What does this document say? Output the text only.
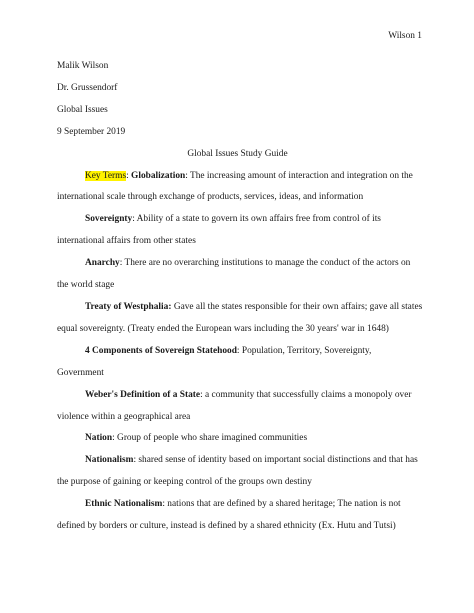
Wilson 1
Malik Wilson
Dr. Grussendorf
Global Issues
9 September 2019
Global Issues Study Guide
Key Terms: Globalization: The increasing amount of interaction and integration on the
international scale through exchange of products, services, ideas, and information
Sovereignty: Ability of a state to govern its own affairs free from control of its
international affairs from other states
Anarchy: There are no overarching institutions to manage the conduct of the actors on
the world stage
Treaty of Westphalia: Gave all the states responsible for their own affairs; gave all states
equal sovereignty. (Treaty ended the European wars including the 30 years' war in 1648)
4 Components of Sovereign Statehood: Population, Territory, Sovereignty,
Government
Weber's Definition of a State: a community that successfully claims a monopoly over
violence within a geographical area
Nation: Group of people who share imagined communities
Nationalism: shared sense of identity based on important social distinctions and that has
the purpose of gaining or keeping control of the groups own destiny
Ethnic Nationalism: nations that are defined by a shared heritage; The nation is not
defined by borders or culture, instead is defined by a shared ethnicity (Ex. Hutu and Tutsi)
